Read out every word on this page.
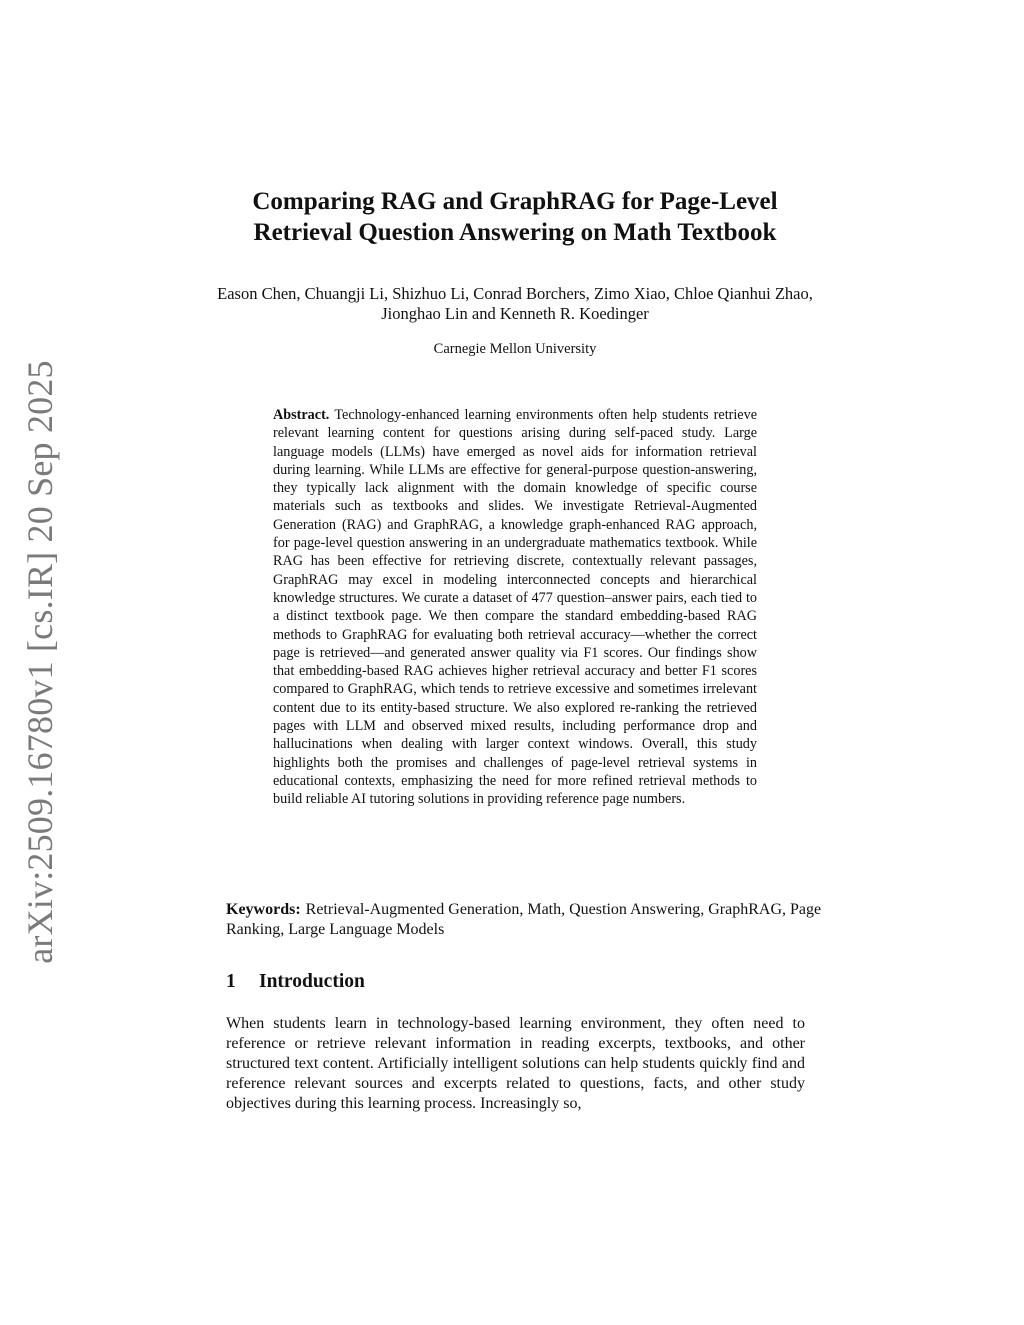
arXiv:2509.16780v1 [cs.IR] 20 Sep 2025
Comparing RAG and GraphRAG for Page-Level Retrieval Question Answering on Math Textbook

Eason Chen, Chuangji Li, Shizhuo Li, Conrad Borchers, Zimo Xiao, Chloe Qianhui Zhao, Jionghao Lin and Kenneth R. Koedinger

Carnegie Mellon University

Abstract. Technology-enhanced learning environments often help students retrieve relevant learning content for questions arising during self-paced study. Large language models (LLMs) have emerged as novel aids for information retrieval during learning. While LLMs are effective for general-purpose question-answering, they typically lack alignment with the domain knowledge of specific course materials such as textbooks and slides. We investigate Retrieval-Augmented Generation (RAG) and GraphRAG, a knowledge graph-enhanced RAG approach, for page-level question answering in an undergraduate mathematics textbook. While RAG has been effective for retrieving discrete, contextually relevant passages, GraphRAG may excel in modeling interconnected concepts and hierarchical knowledge structures. We curate a dataset of 477 question–answer pairs, each tied to a distinct textbook page. We then compare the standard embedding-based RAG methods to GraphRAG for evaluating both retrieval accuracy—whether the correct page is retrieved—and generated answer quality via F1 scores. Our findings show that embedding-based RAG achieves higher retrieval accuracy and better F1 scores compared to GraphRAG, which tends to retrieve excessive and sometimes irrelevant content due to its entity-based structure. We also explored re-ranking the retrieved pages with LLM and observed mixed results, including performance drop and hallucinations when dealing with larger context windows. Overall, this study highlights both the promises and challenges of page-level retrieval systems in educational contexts, emphasizing the need for more refined retrieval methods to build reliable AI tutoring solutions in providing reference page numbers.

Keywords: Retrieval-Augmented Generation, Math, Question Answering, GraphRAG, Page Ranking, Large Language Models

1 Introduction

When students learn in technology-based learning environment, they often need to reference or retrieve relevant information in reading excerpts, textbooks, and other structured text content. Artificially intelligent solutions can help students quickly find and reference relevant sources and excerpts related to questions, facts, and other study objectives during this learning process. Increasingly so,
